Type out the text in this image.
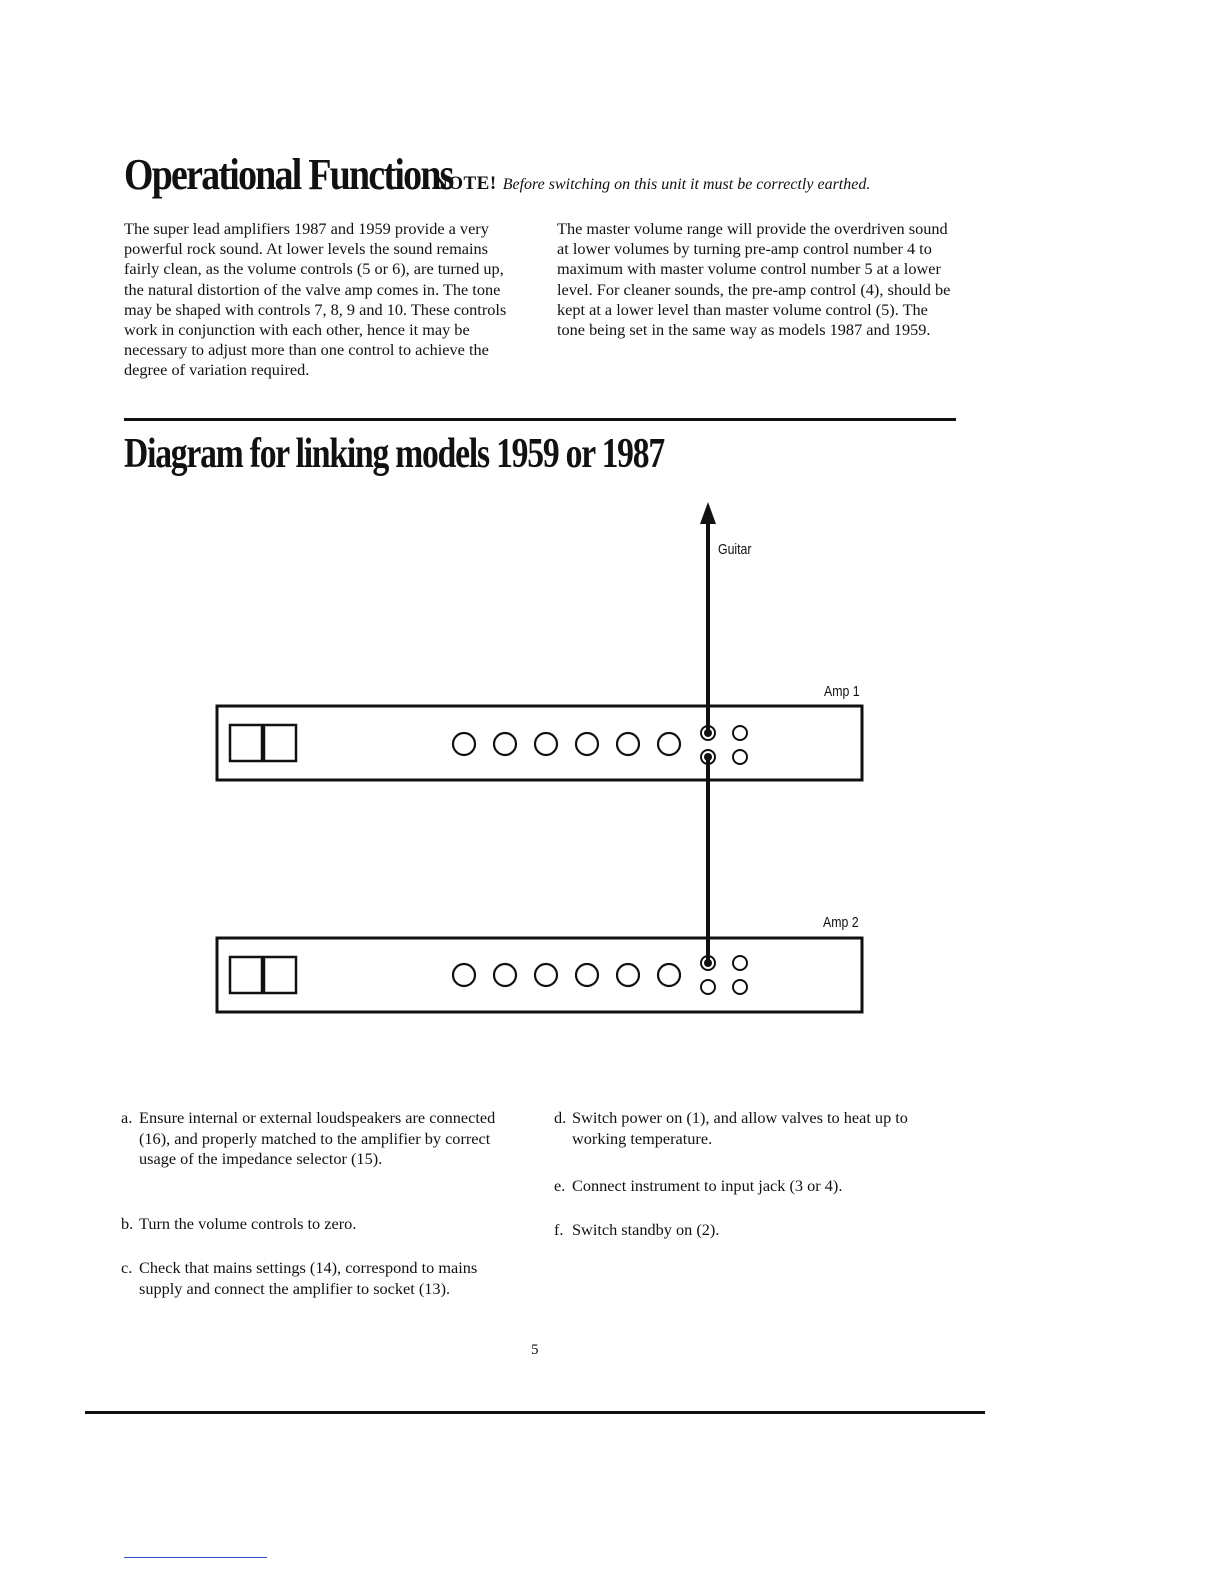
Operational Functions
NOTE! Before switching on this unit it must be correctly earthed.
The super lead amplifiers 1987 and 1959 provide a very powerful rock sound. At lower levels the sound remains fairly clean, as the volume controls (5 or 6), are turned up, the natural distortion of the valve amp comes in. The tone may be shaped with controls 7, 8, 9 and 10. These controls work in conjunction with each other, hence it may be necessary to adjust more than one control to achieve the degree of variation required.
The master volume range will provide the overdriven sound at lower volumes by turning pre-amp control number 4 to maximum with master volume control number 5 at a lower level. For cleaner sounds, the pre-amp control (4), should be kept at a lower level than master volume control (5). The tone being set in the same way as models 1987 and 1959.
Diagram for linking models 1959 or 1987
Guitar
Amp 1
Amp 2
a. Ensure internal or external loudspeakers are connected (16), and properly matched to the amplifier by correct usage of the impedance selector (15).
b. Turn the volume controls to zero.
c. Check that mains settings (14), correspond to mains supply and connect the amplifier to socket (13).
d. Switch power on (1), and allow valves to heat up to working temperature.
e. Connect instrument to input jack (3 or 4).
f. Switch standby on (2).
5
